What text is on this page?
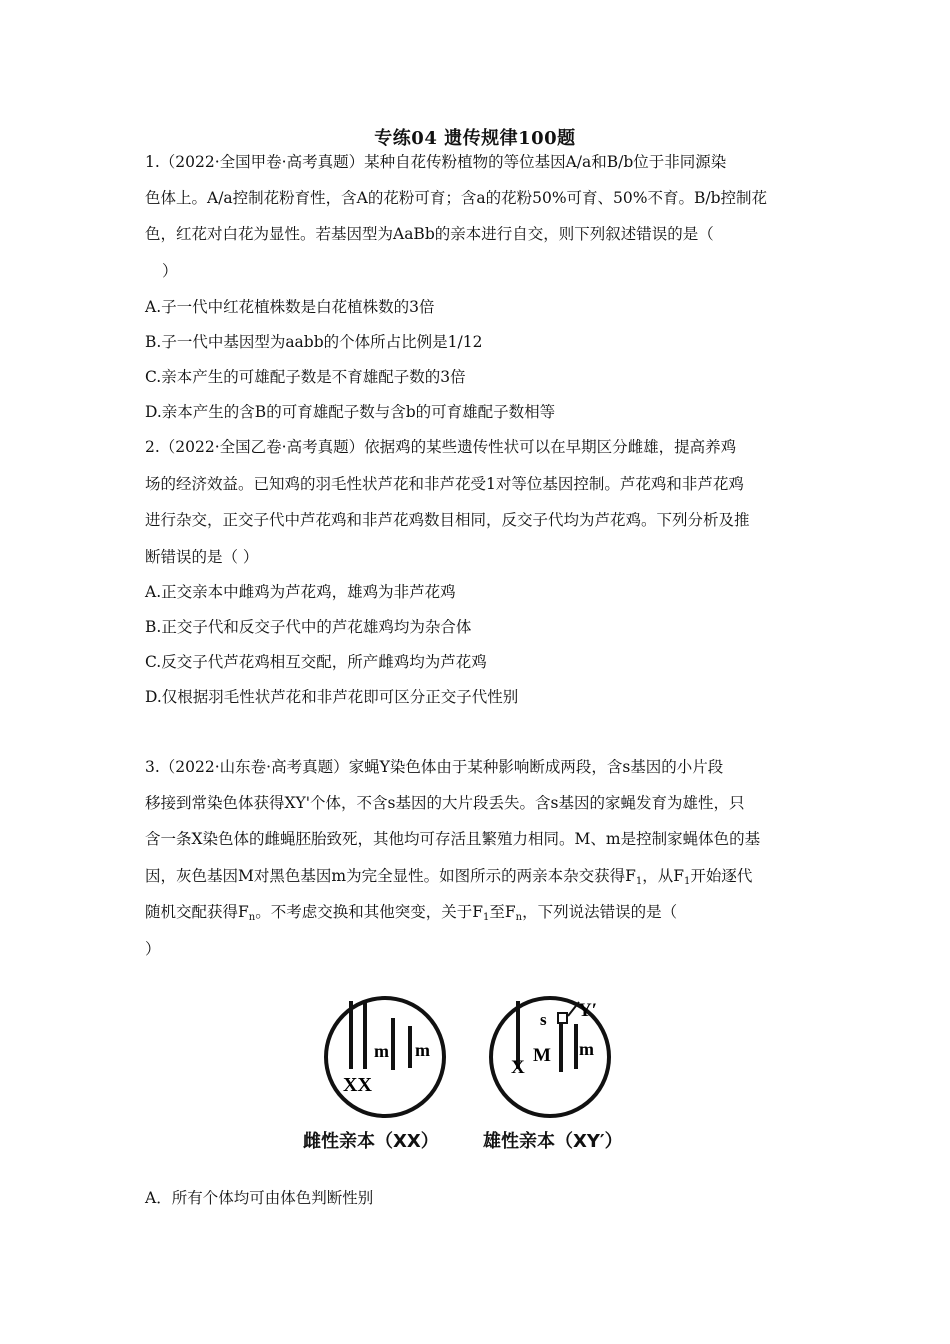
专练04 遗传规律100题
1.（2022·全国甲卷·高考真题）某种自花传粉植物的等位基因A/a和B/b位于非同源染
色体上。A/a控制花粉育性，含A的花粉可育；含a的花粉50%可育、50%不育。B/b控制花
色，红花对白花为显性。若基因型为AaBb的亲本进行自交，则下列叙述错误的是（
）
A.子一代中红花植株数是白花植株数的3倍
B.子一代中基因型为aabb的个体所占比例是1/12
C.亲本产生的可雄配子数是不育雄配子数的3倍
D.亲本产生的含B的可育雄配子数与含b的可育雄配子数相等
2.（2022·全国乙卷·高考真题）依据鸡的某些遗传性状可以在早期区分雌雄，提高养鸡
场的经济效益。已知鸡的羽毛性状芦花和非芦花受1对等位基因控制。芦花鸡和非芦花鸡
进行杂交，正交子代中芦花鸡和非芦花鸡数目相同，反交子代均为芦花鸡。下列分析及推
断错误的是（ ）
A.正交亲本中雌鸡为芦花鸡，雄鸡为非芦花鸡
B.正交子代和反交子代中的芦花雄鸡均为杂合体
C.反交子代芦花鸡相互交配，所产雌鸡均为芦花鸡
D.仅根据羽毛性状芦花和非芦花即可区分正交子代性别
3.（2022·山东卷·高考真题）家蝇Y染色体由于某种影响断成两段，含s基因的小片段
移接到常染色体获得XY'个体，不含s基因的大片段丢失。含s基因的家蝇发育为雄性，只
含一条X染色体的雌蝇胚胎致死，其他均可存活且繁殖力相同。M、m是控制家蝇体色的基
因，灰色基因M对黑色基因m为完全显性。如图所示的两亲本杂交获得$F_1$，从$F_1$开始逐代
随机交配获得$F_n$。不考虑交换和其他突变，关于$F_1$至$F_n$，下列说法错误的是（
）
XX
m m
X
s Y′
M m
雌性亲本（XX） 雄性亲本（XY′）
A．所有个体均可由体色判断性别
